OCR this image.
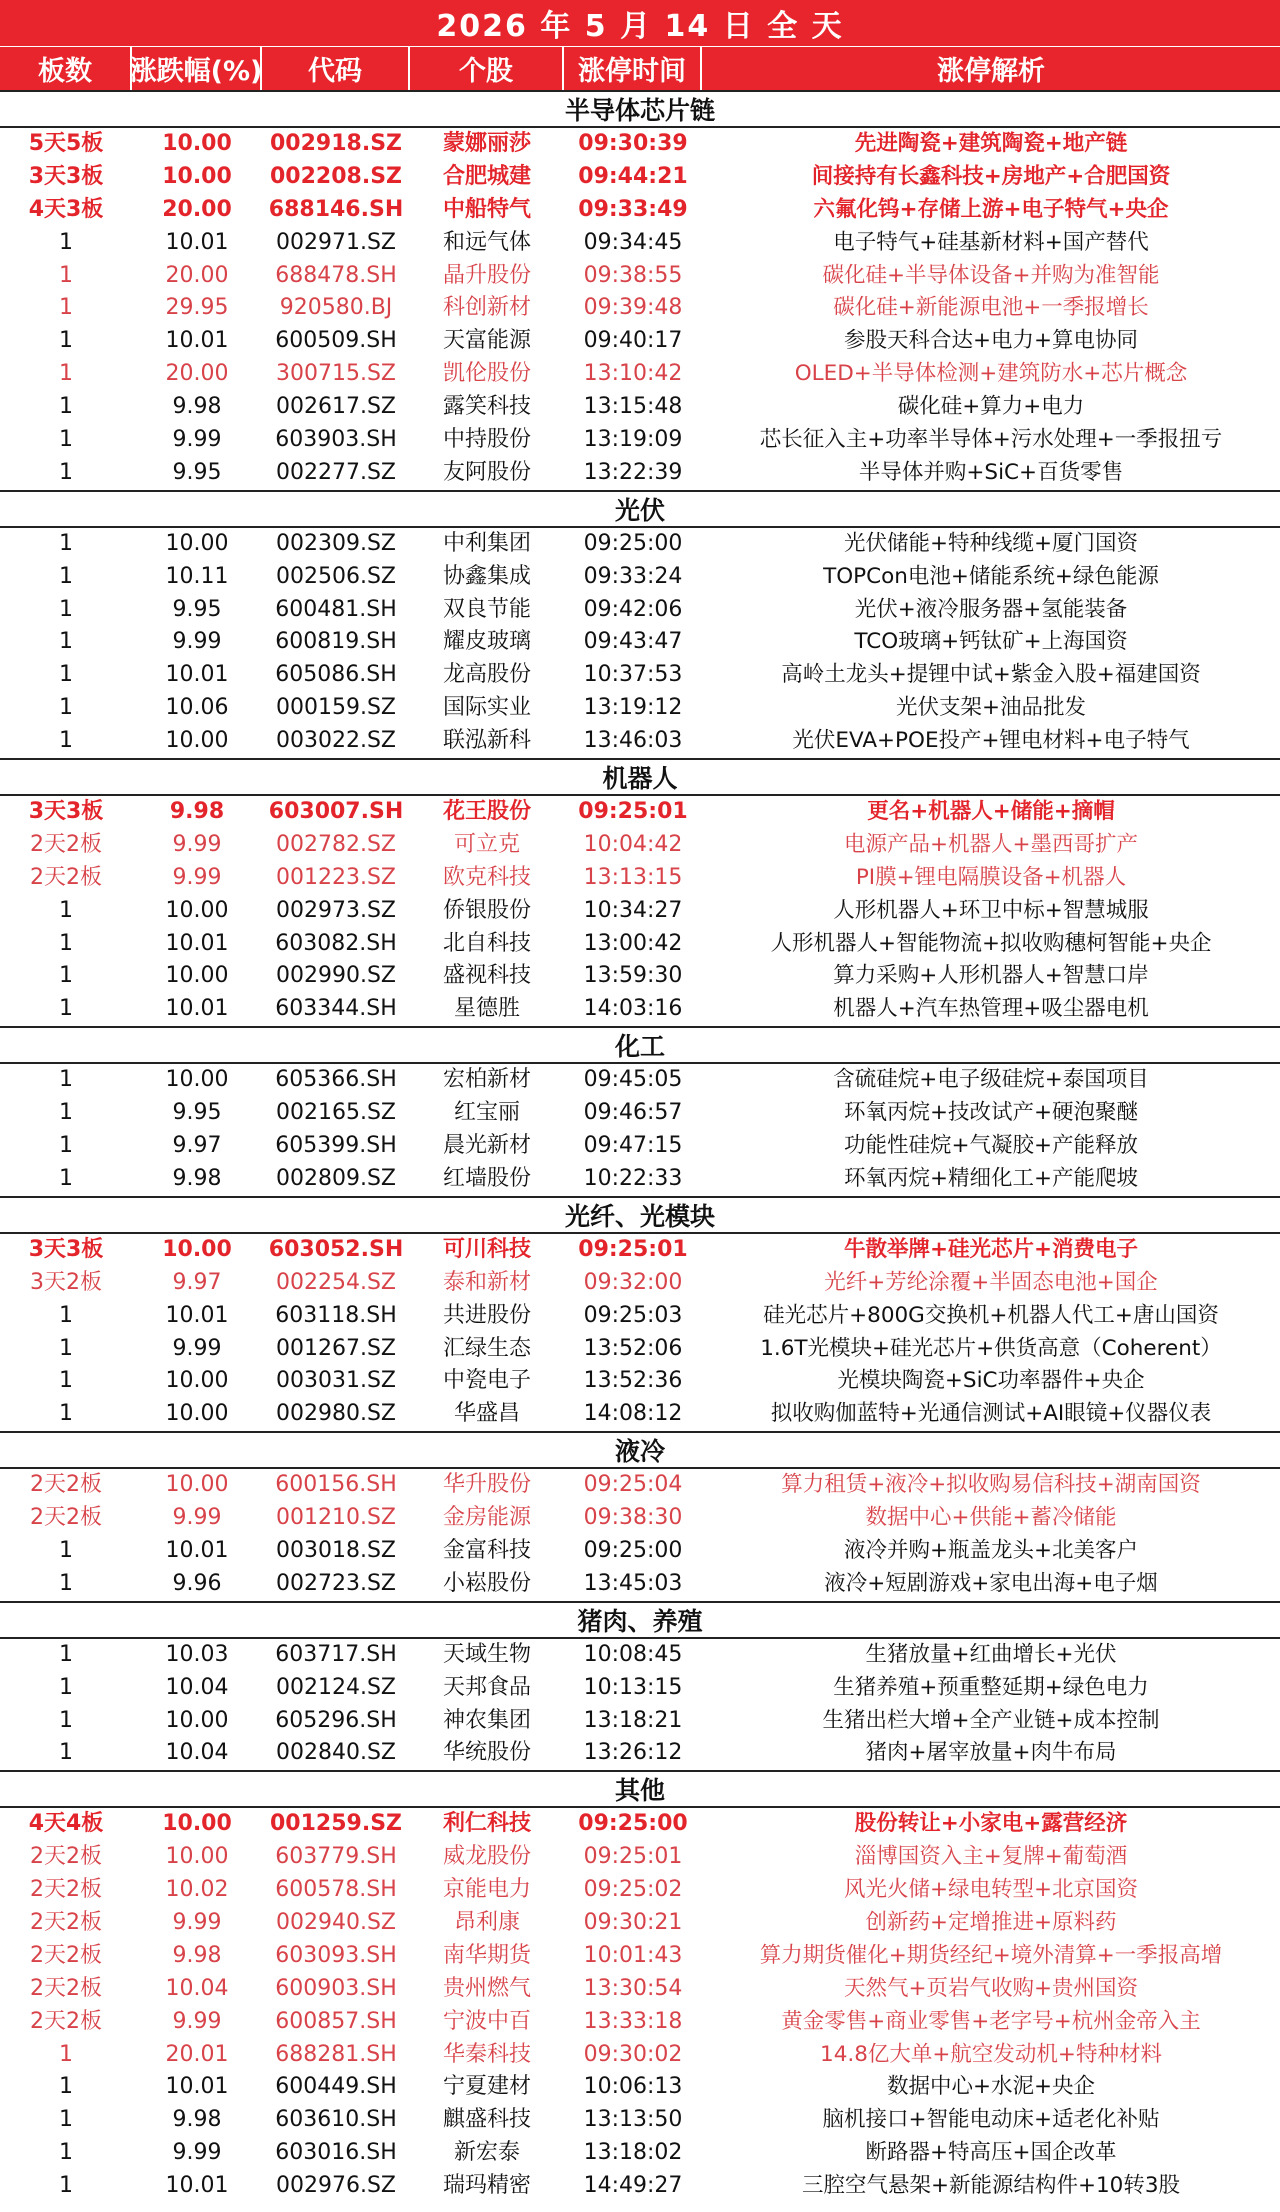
2026 年 5 月 14 日 全 天
板数	涨跌幅(%)	代码	个股	涨停时间	涨停解析
半导体芯片链
5天5板	10.00	002918.SZ	蒙娜丽莎	09:30:39	先进陶瓷+建筑陶瓷+地产链
3天3板	10.00	002208.SZ	合肥城建	09:44:21	间接持有长鑫科技+房地产+合肥国资
4天3板	20.00	688146.SH	中船特气	09:33:49	六氟化钨+存储上游+电子特气+央企
1	10.01	002971.SZ	和远气体	09:34:45	电子特气+硅基新材料+国产替代
1	20.00	688478.SH	晶升股份	09:38:55	碳化硅+半导体设备+并购为准智能
1	29.95	920580.BJ	科创新材	09:39:48	碳化硅+新能源电池+一季报增长
1	10.01	600509.SH	天富能源	09:40:17	参股天科合达+电力+算电协同
1	20.00	300715.SZ	凯伦股份	13:10:42	OLED+半导体检测+建筑防水+芯片概念
1	9.98	002617.SZ	露笑科技	13:15:48	碳化硅+算力+电力
1	9.99	603903.SH	中持股份	13:19:09	芯长征入主+功率半导体+污水处理+一季报扭亏
1	9.95	002277.SZ	友阿股份	13:22:39	半导体并购+SiC+百货零售
光伏
1	10.00	002309.SZ	中利集团	09:25:00	光伏储能+特种线缆+厦门国资
1	10.11	002506.SZ	协鑫集成	09:33:24	TOPCon电池+储能系统+绿色能源
1	9.95	600481.SH	双良节能	09:42:06	光伏+液冷服务器+氢能装备
1	9.99	600819.SH	耀皮玻璃	09:43:47	TCO玻璃+钙钛矿+上海国资
1	10.01	605086.SH	龙高股份	10:37:53	高岭土龙头+提锂中试+紫金入股+福建国资
1	10.06	000159.SZ	国际实业	13:19:12	光伏支架+油品批发
1	10.00	003022.SZ	联泓新科	13:46:03	光伏EVA+POE投产+锂电材料+电子特气
机器人
3天3板	9.98	603007.SH	花王股份	09:25:01	更名+机器人+储能+摘帽
2天2板	9.99	002782.SZ	可立克	10:04:42	电源产品+机器人+墨西哥扩产
2天2板	9.99	001223.SZ	欧克科技	13:13:15	PI膜+锂电隔膜设备+机器人
1	10.00	002973.SZ	侨银股份	10:34:27	人形机器人+环卫中标+智慧城服
1	10.01	603082.SH	北自科技	13:00:42	人形机器人+智能物流+拟收购穗柯智能+央企
1	10.00	002990.SZ	盛视科技	13:59:30	算力采购+人形机器人+智慧口岸
1	10.01	603344.SH	星德胜	14:03:16	机器人+汽车热管理+吸尘器电机
化工
1	10.00	605366.SH	宏柏新材	09:45:05	含硫硅烷+电子级硅烷+泰国项目
1	9.95	002165.SZ	红宝丽	09:46:57	环氧丙烷+技改试产+硬泡聚醚
1	9.97	605399.SH	晨光新材	09:47:15	功能性硅烷+气凝胶+产能释放
1	9.98	002809.SZ	红墙股份	10:22:33	环氧丙烷+精细化工+产能爬坡
光纤、光模块
3天3板	10.00	603052.SH	可川科技	09:25:01	牛散举牌+硅光芯片+消费电子
3天2板	9.97	002254.SZ	泰和新材	09:32:00	光纤+芳纶涂覆+半固态电池+国企
1	10.01	603118.SH	共进股份	09:25:03	硅光芯片+800G交换机+机器人代工+唐山国资
1	9.99	001267.SZ	汇绿生态	13:52:06	1.6T光模块+硅光芯片+供货高意（Coherent）
1	10.00	003031.SZ	中瓷电子	13:52:36	光模块陶瓷+SiC功率器件+央企
1	10.00	002980.SZ	华盛昌	14:08:12	拟收购伽蓝特+光通信测试+AI眼镜+仪器仪表
液冷
2天2板	10.00	600156.SH	华升股份	09:25:04	算力租赁+液冷+拟收购易信科技+湖南国资
2天2板	9.99	001210.SZ	金房能源	09:38:30	数据中心+供能+蓄冷储能
1	10.01	003018.SZ	金富科技	09:25:00	液冷并购+瓶盖龙头+北美客户
1	9.96	002723.SZ	小崧股份	13:45:03	液冷+短剧游戏+家电出海+电子烟
猪肉、养殖
1	10.03	603717.SH	天域生物	10:08:45	生猪放量+红曲增长+光伏
1	10.04	002124.SZ	天邦食品	10:13:15	生猪养殖+预重整延期+绿色电力
1	10.00	605296.SH	神农集团	13:18:21	生猪出栏大增+全产业链+成本控制
1	10.04	002840.SZ	华统股份	13:26:12	猪肉+屠宰放量+肉牛布局
其他
4天4板	10.00	001259.SZ	利仁科技	09:25:00	股份转让+小家电+露营经济
2天2板	10.00	603779.SH	威龙股份	09:25:01	淄博国资入主+复牌+葡萄酒
2天2板	10.02	600578.SH	京能电力	09:25:02	风光火储+绿电转型+北京国资
2天2板	9.99	002940.SZ	昂利康	09:30:21	创新药+定增推进+原料药
2天2板	9.98	603093.SH	南华期货	10:01:43	算力期货催化+期货经纪+境外清算+一季报高增
2天2板	10.04	600903.SH	贵州燃气	13:30:54	天然气+页岩气收购+贵州国资
2天2板	9.99	600857.SH	宁波中百	13:33:18	黄金零售+商业零售+老字号+杭州金帝入主
1	20.01	688281.SH	华秦科技	09:30:02	14.8亿大单+航空发动机+特种材料
1	10.01	600449.SH	宁夏建材	10:06:13	数据中心+水泥+央企
1	9.98	603610.SH	麒盛科技	13:13:50	脑机接口+智能电动床+适老化补贴
1	9.99	603016.SH	新宏泰	13:18:02	断路器+特高压+国企改革
1	10.01	002976.SZ	瑞玛精密	14:49:27	三腔空气悬架+新能源结构件+10转3股
